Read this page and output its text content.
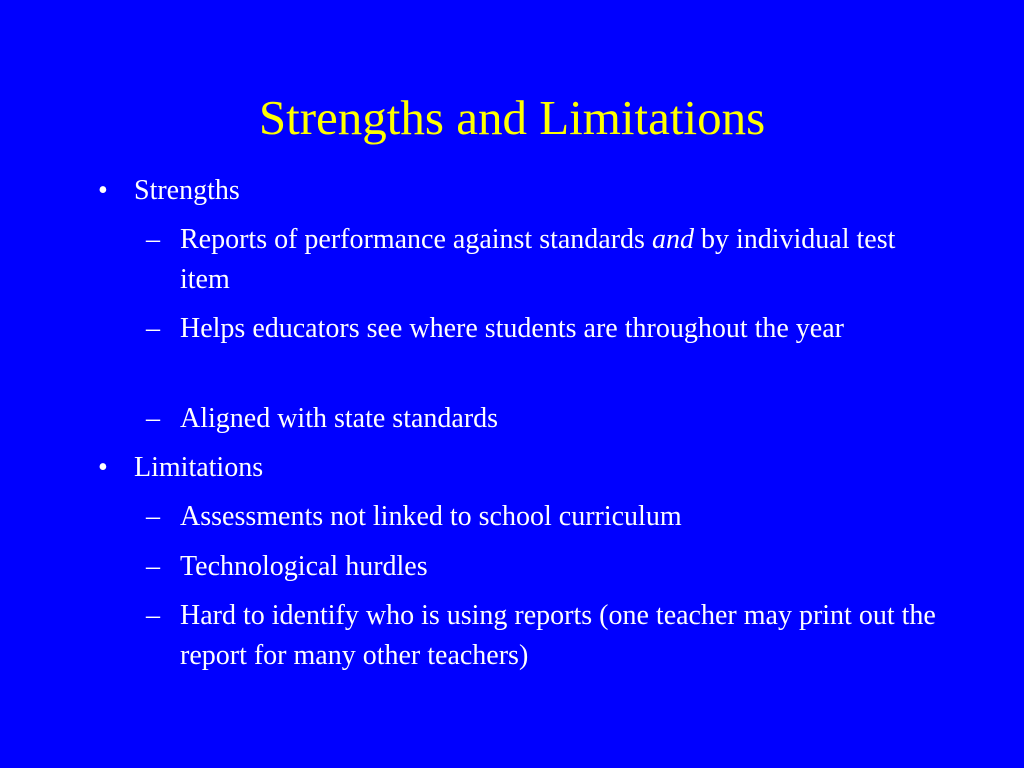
Strengths and Limitations
• Strengths
– Reports of performance against standards and by individual test item
– Helps educators see where students are throughout the year
– Aligned with state standards
• Limitations
– Assessments not linked to school curriculum
– Technological hurdles
– Hard to identify who is using reports (one teacher may print out the report for many other teachers)
